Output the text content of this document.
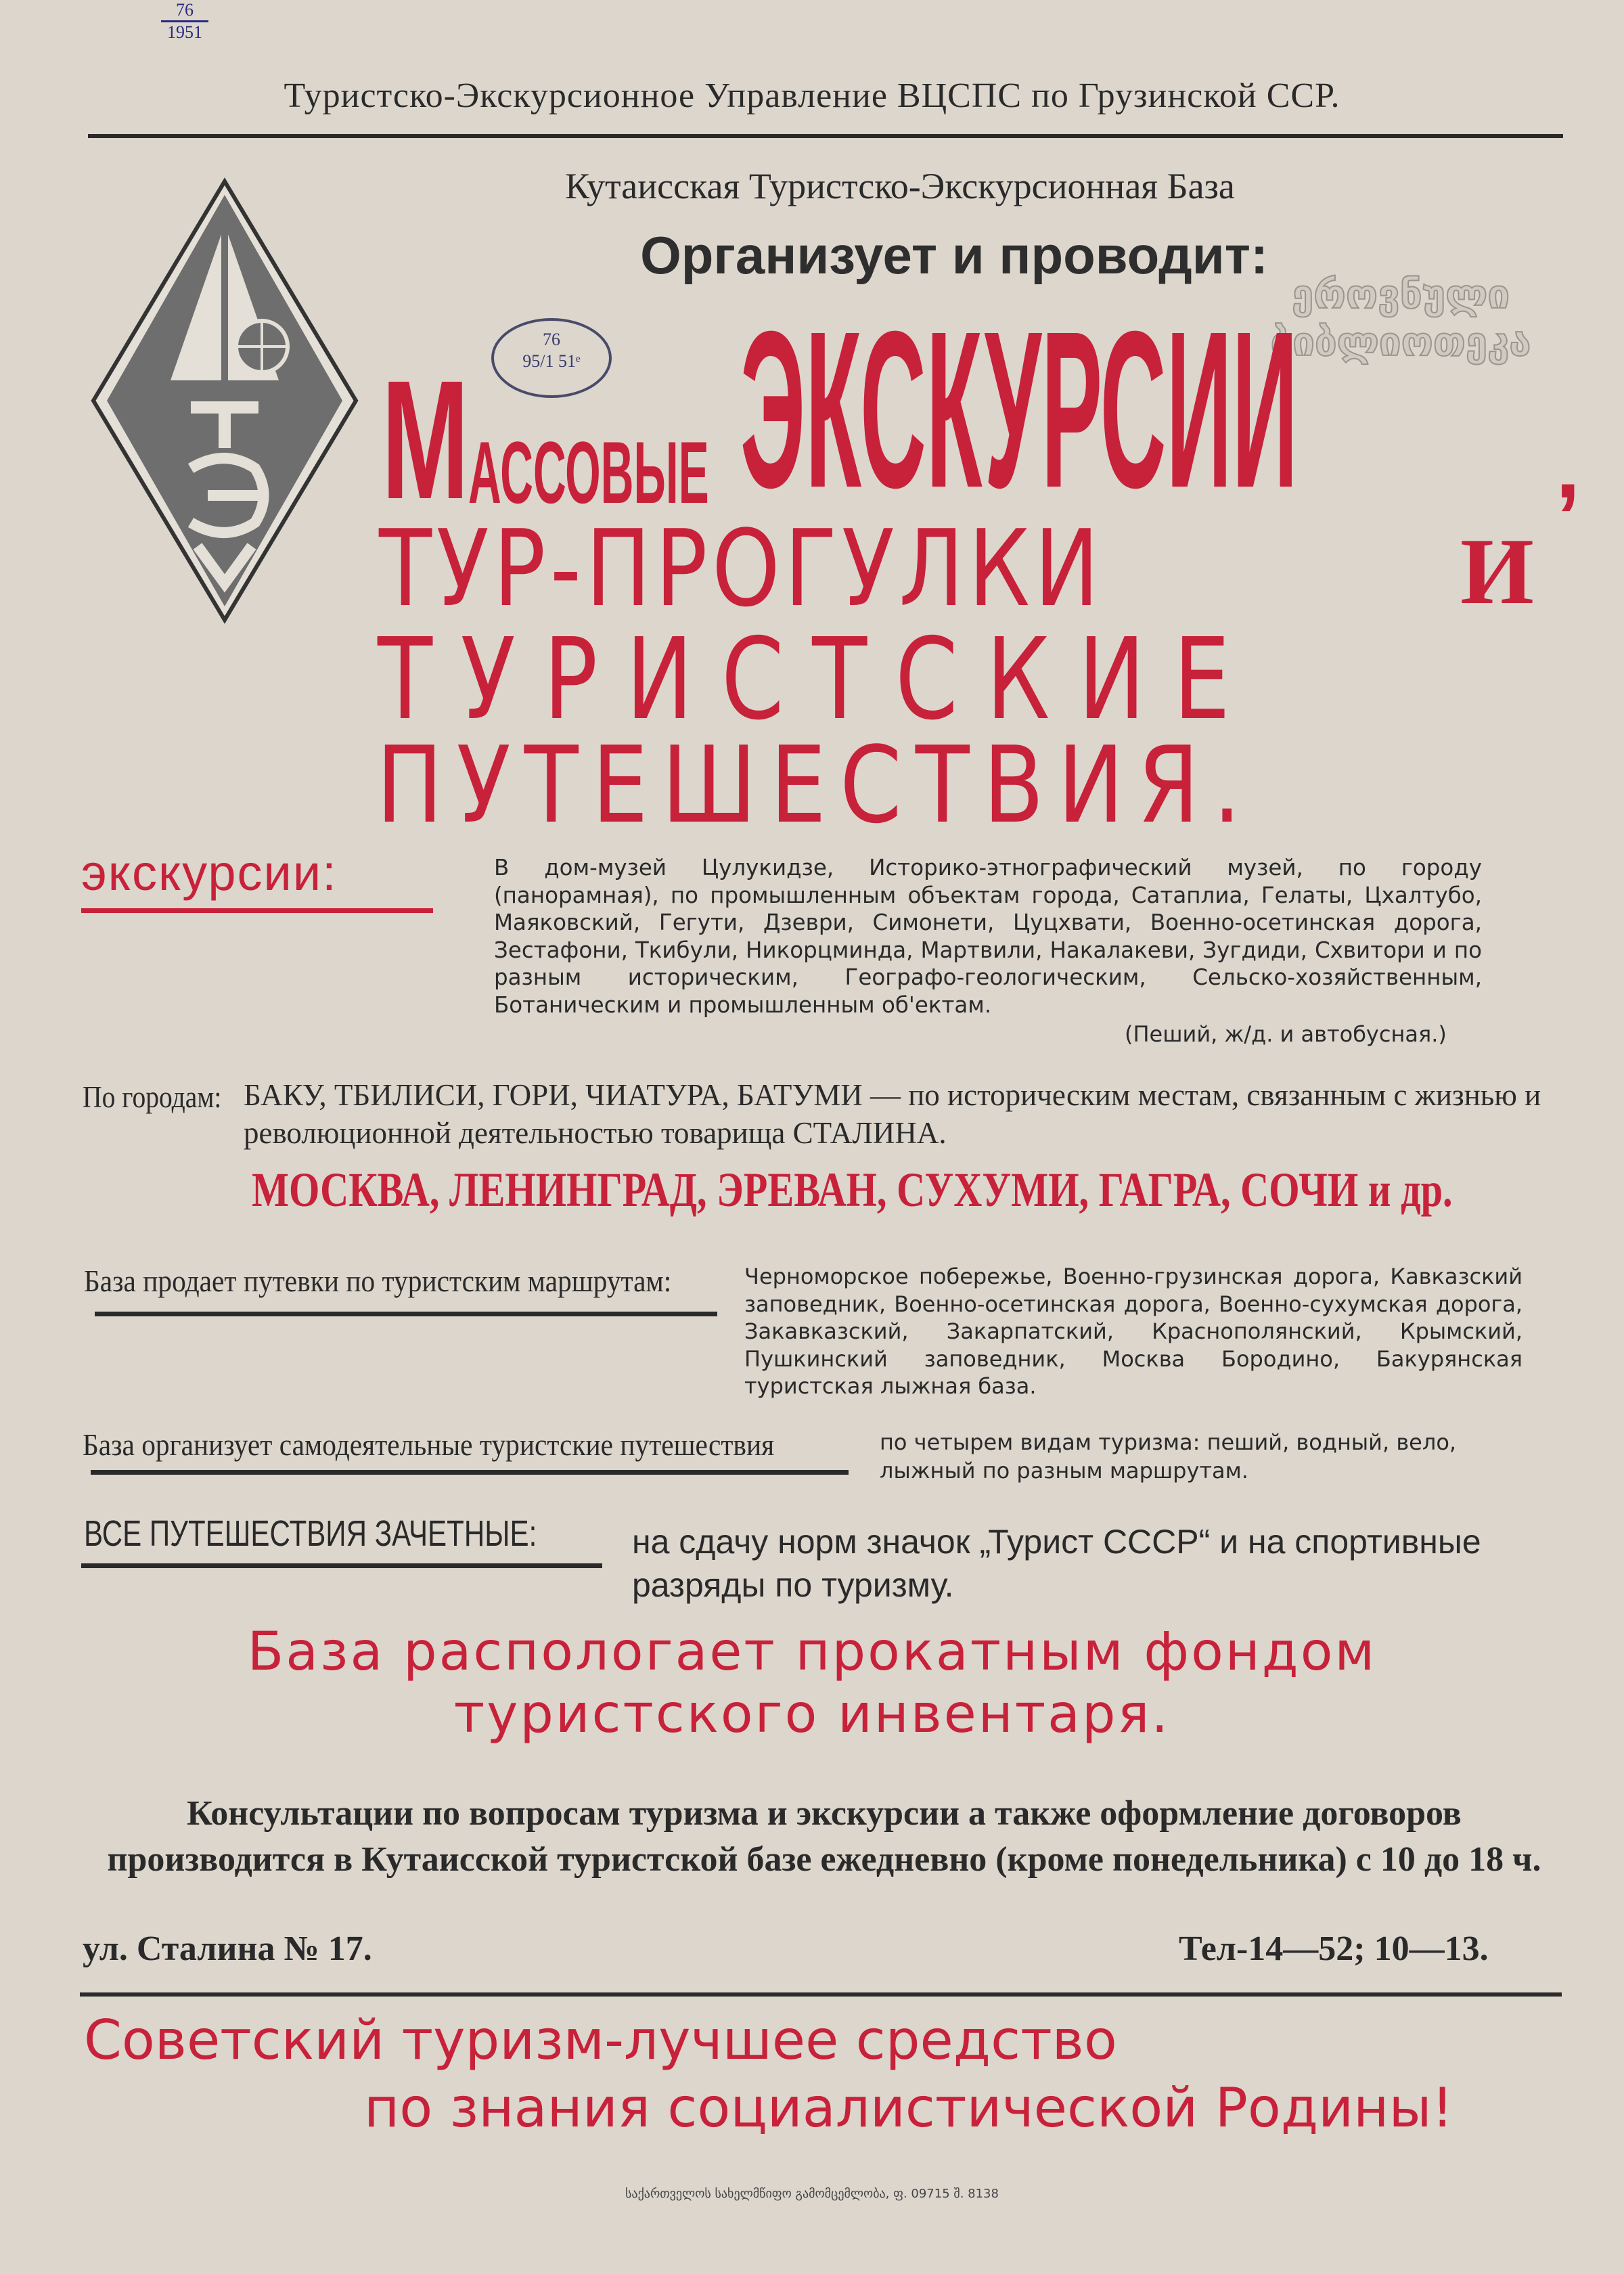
76
1951
Туристско-Экскурсионное Управление ВЦСПС по Грузинской ССР.
ეროვნული
ბიბლიოთეკა
Кутаисская Туристско-Экскурсионная База
Организует и проводит:
76
95/1 51ᵉ
М
АССОВЫЕ ЭКСКУРСИИ	,
ТУР-ПРОГУЛКИ	И
ТУРИСТСКИЕ
ПУТЕШЕСТВИЯ.
экскурсии:	В дом-музей Цулукидзе, Историко-этнографический музей, по городу (панорамная), по промышленным объектам города, Сатаплиа, Гелаты, Цхалтубо, Маяковский, Гегути, Дзеври, Симонети, Цуцхвати, Военно-осетинская дорога, Зестафони, Ткибули, Никорцминда, Мартвили, Накалакеви, Зугдиди, Схвитори и по разным историческим, Географо-геологическим, Сельско-хозяйственным, Ботаническим и промышленным об'ектам.
(Пеший, ж/д. и автобусная.)
По городам: БАКУ, ТБИЛИСИ, ГОРИ, ЧИАТУРА, БАТУМИ — по историческим местам, связанным с жизнью и революционной деятельностью товарища СТАЛИНА.
МОСКВА, ЛЕНИНГРАД, ЭРЕВАН, СУХУМИ, ГАГРА, СОЧИ и др.
База продает путевки по туристским маршрутам:	Черноморское побережье, Военно-грузинская дорога, Кавказский заповедник, Военно-осетинская дорога, Военно-сухумская дорога, Закавказский, Закарпатский, Краснополянский, Крымский, Пушкинский заповедник, Москва Бородино, Бакурянская туристская лыжная база.
База организует самодеятельные туристские путешествия	по четырем видам туризма: пеший, водный, вело, лыжный по разным маршрутам.
ВСЕ ПУТЕШЕСТВИЯ ЗАЧЕТНЫЕ:	на сдачу норм значок „Турист СССР“ и на спортивные разряды по туризму.
База распологает прокатным фондом
туристского инвентаря.
Консультации по вопросам туризма и экскурсии а также оформление договоров производится в Кутаисской туристской базе ежедневно (кроме понедельника) с 10 до 18 ч.
ул. Сталина № 17.	Тел-14—52; 10—13.
Советский туризм-лучшее средство
по знания социалистической Родины!
საქართველოს სახელმწიფო გამომცემლობა, ფ. 09715 შ. 8138
